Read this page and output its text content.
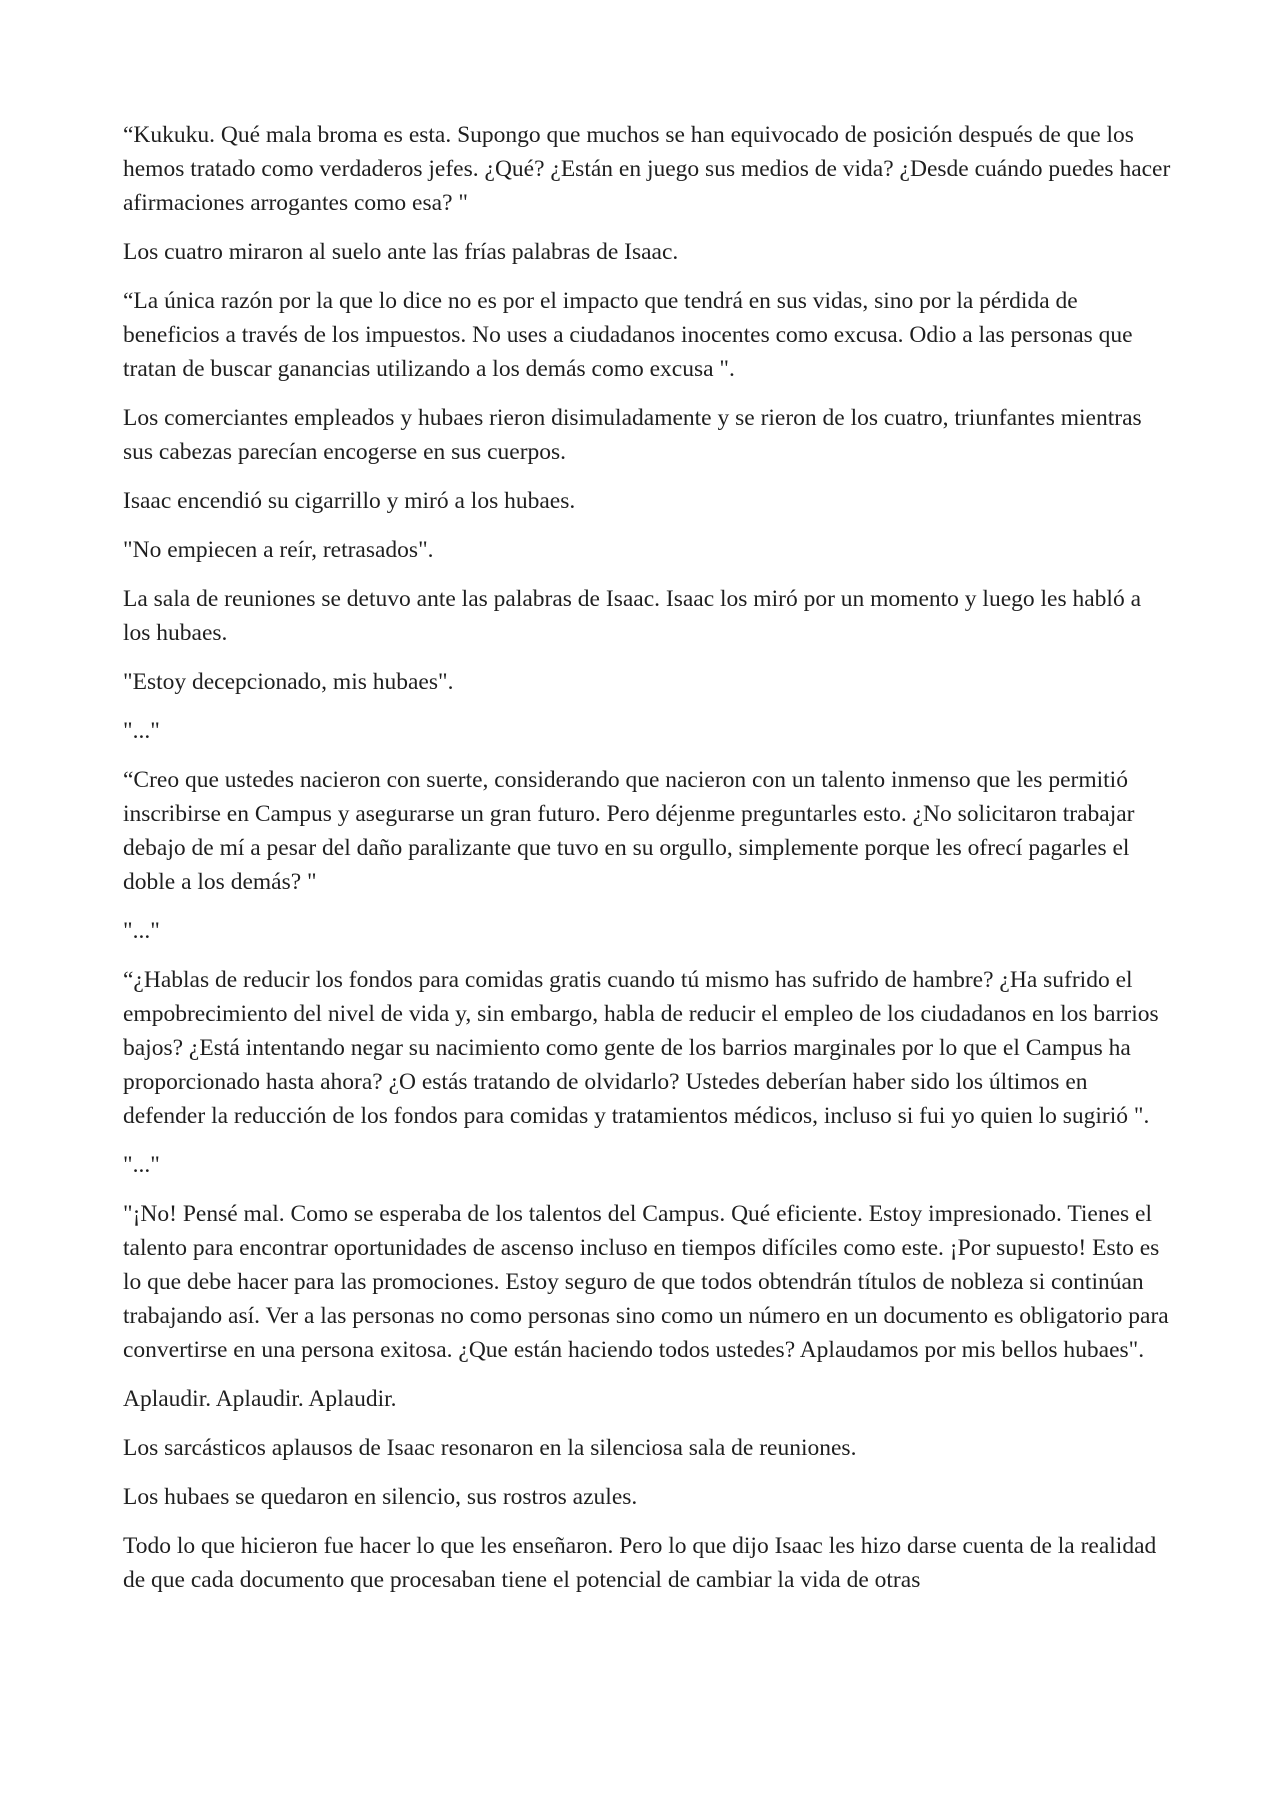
“Kukuku. Qué mala broma es esta. Supongo que muchos se han equivocado de posición después de que los hemos tratado como verdaderos jefes. ¿Qué? ¿Están en juego sus medios de vida? ¿Desde cuándo puedes hacer afirmaciones arrogantes como esa? "

Los cuatro miraron al suelo ante las frías palabras de Isaac.

“La única razón por la que lo dice no es por el impacto que tendrá en sus vidas, sino por la pérdida de beneficios a través de los impuestos. No uses a ciudadanos inocentes como excusa. Odio a las personas que tratan de buscar ganancias utilizando a los demás como excusa ".

Los comerciantes empleados y hubaes rieron disimuladamente y se rieron de los cuatro, triunfantes mientras sus cabezas parecían encogerse en sus cuerpos.

Isaac encendió su cigarrillo y miró a los hubaes.

"No empiecen a reír, retrasados".

La sala de reuniones se detuvo ante las palabras de Isaac. Isaac los miró por un momento y luego les habló a los hubaes.

"Estoy decepcionado, mis hubaes".

"..."

“Creo que ustedes nacieron con suerte, considerando que nacieron con un talento inmenso que les permitió inscribirse en Campus y asegurarse un gran futuro. Pero déjenme preguntarles esto. ¿No solicitaron trabajar debajo de mí a pesar del daño paralizante que tuvo en su orgullo, simplemente porque les ofrecí pagarles el doble a los demás? "

"..."

“¿Hablas de reducir los fondos para comidas gratis cuando tú mismo has sufrido de hambre? ¿Ha sufrido el empobrecimiento del nivel de vida y, sin embargo, habla de reducir el empleo de los ciudadanos en los barrios bajos? ¿Está intentando negar su nacimiento como gente de los barrios marginales por lo que el Campus ha proporcionado hasta ahora? ¿O estás tratando de olvidarlo? Ustedes deberían haber sido los últimos en defender la reducción de los fondos para comidas y tratamientos médicos, incluso si fui yo quien lo sugirió ".

"..."

"¡No! Pensé mal. Como se esperaba de los talentos del Campus. Qué eficiente. Estoy impresionado. Tienes el talento para encontrar oportunidades de ascenso incluso en tiempos difíciles como este. ¡Por supuesto! Esto es lo que debe hacer para las promociones. Estoy seguro de que todos obtendrán títulos de nobleza si continúan trabajando así. Ver a las personas no como personas sino como un número en un documento es obligatorio para convertirse en una persona exitosa. ¿Que están haciendo todos ustedes? Aplaudamos por mis bellos hubaes".

Aplaudir. Aplaudir. Aplaudir.

Los sarcásticos aplausos de Isaac resonaron en la silenciosa sala de reuniones.

Los hubaes se quedaron en silencio, sus rostros azules.

Todo lo que hicieron fue hacer lo que les enseñaron. Pero lo que dijo Isaac les hizo darse cuenta de la realidad de que cada documento que procesaban tiene el potencial de cambiar la vida de otras
